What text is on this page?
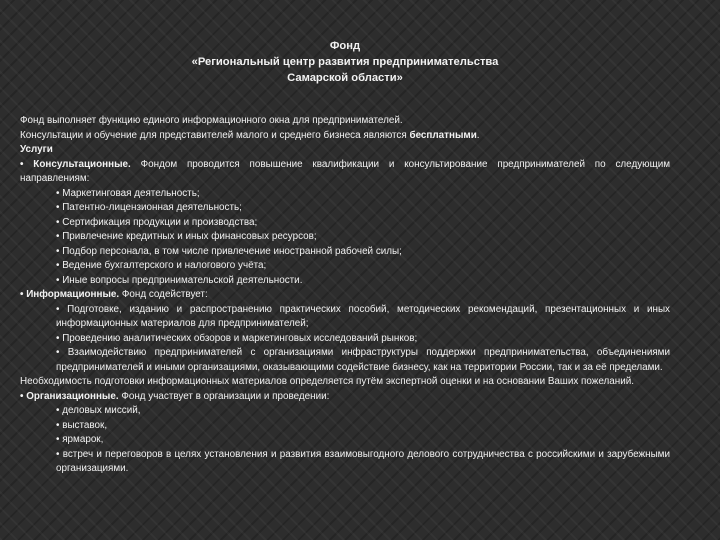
Фонд
«Региональный центр развития предпринимательства
Самарской области»

Фонд выполняет функцию единого информационного окна для предпринимателей.

Консультации и обучение для представителей малого и среднего бизнеса являются бесплатными.

Услуги

• Консультационные. Фондом проводится повышение квалификации и консультирование предпринимателей по следующим направлениям:

• Маркетинговая деятельность;

• Патентно-лицензионная деятельность;

• Сертификация продукции и производства;

• Привлечение кредитных и иных финансовых ресурсов;

• Подбор персонала, в том числе привлечение иностранной рабочей силы;

• Ведение бухгалтерского и налогового учёта;

• Иные вопросы предпринимательской деятельности.

• Информационные. Фонд содействует:

• Подготовке, изданию и распространению практических пособий, методических рекомендаций, презентационных и иных информационных материалов для предпринимателей;

• Проведению аналитических обзоров и маркетинговых исследований рынков;

• Взаимодействию предпринимателей с организациями инфраструктуры поддержки предпринимательства, объединениями предпринимателей и иными организациями, оказывающими содействие бизнесу, как на территории России, так и за её пределами.

Необходимость подготовки информационных материалов определяется путём экспертной оценки и на основании Ваших пожеланий.

• Организационные. Фонд участвует в организации и проведении:

• деловых миссий,

• выставок,

• ярмарок,

• встреч и переговоров в целях установления и развития взаимовыгодного делового сотрудничества с российскими и зарубежными организациями.
